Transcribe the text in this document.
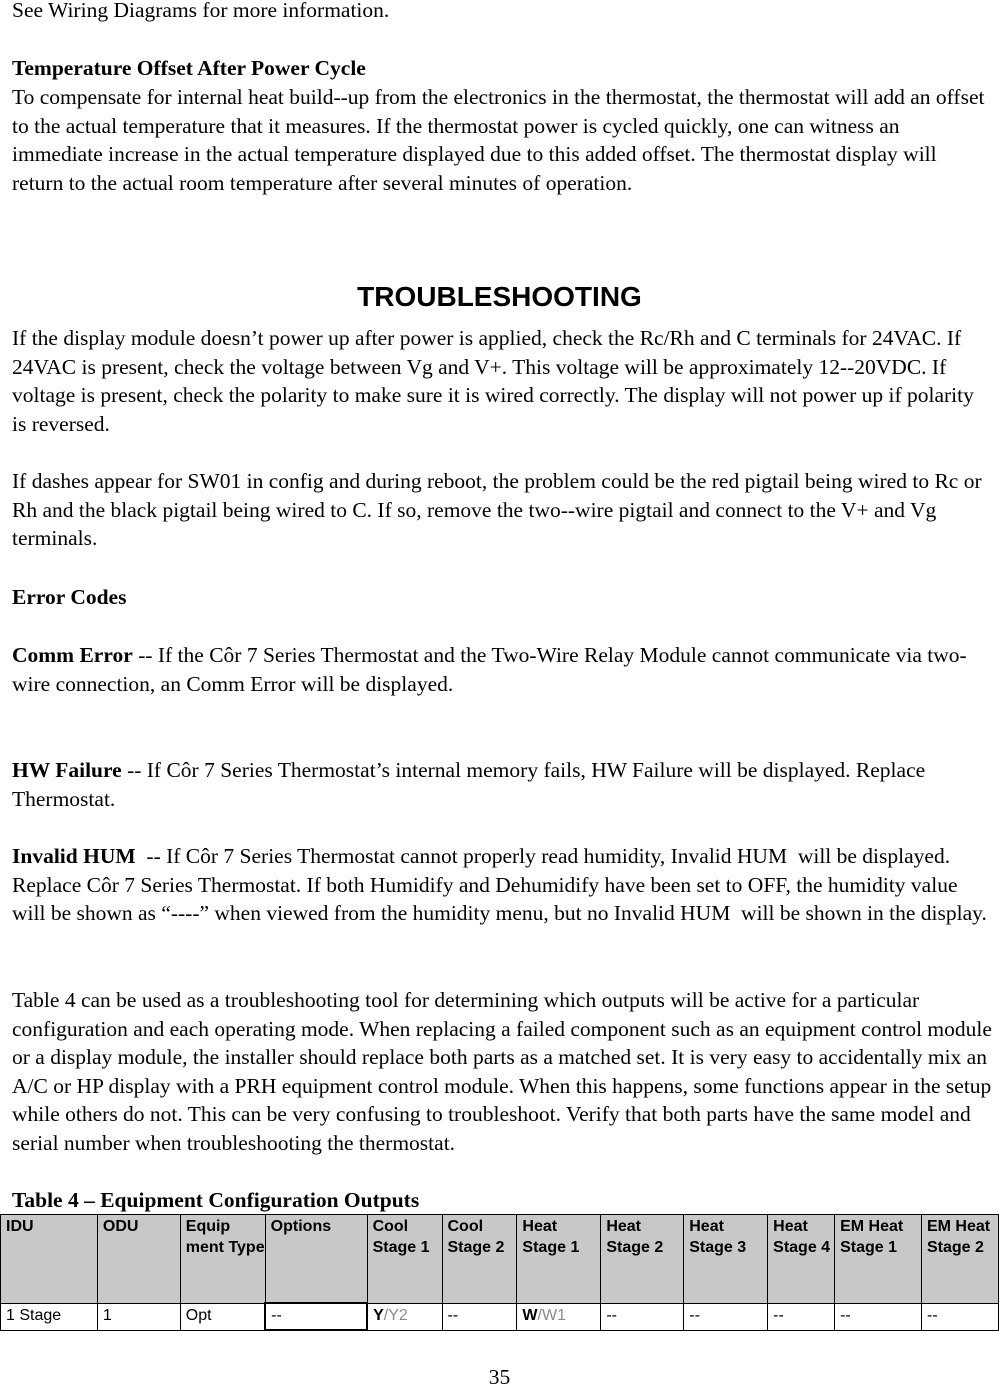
See Wiring Diagrams for more information.

Temperature Offset After Power Cycle

To compensate for internal heat build--up from the electronics in the thermostat, the thermostat will add an offset to the actual temperature that it measures. If the thermostat power is cycled quickly, one can witness an immediate increase in the actual temperature displayed due to this added offset. The thermostat display will return to the actual room temperature after several minutes of operation.

TROUBLESHOOTING

If the display module doesn’t power up after power is applied, check the Rc/Rh and C terminals for 24VAC. If 24VAC is present, check the voltage between Vg and V+. This voltage will be approximately 12--20VDC. If voltage is present, check the polarity to make sure it is wired correctly. The display will not power up if polarity is reversed.

If dashes appear for SW01 in config and during reboot, the problem could be the red pigtail being wired to Rc or Rh and the black pigtail being wired to C. If so, remove the two--wire pigtail and connect to the V+ and Vg terminals.

Error Codes

Comm Error -- If the Côr 7 Series Thermostat and the Two-Wire Relay Module cannot communicate via two-wire connection, an Comm Error will be displayed.

HW Failure -- If Côr 7 Series Thermostat’s internal memory fails, HW Failure will be displayed. Replace Thermostat.

Invalid HUM  -- If Côr 7 Series Thermostat cannot properly read humidity, Invalid HUM  will be displayed. Replace Côr 7 Series Thermostat. If both Humidify and Dehumidify have been set to OFF, the humidity value will be shown as “----” when viewed from the humidity menu, but no Invalid HUM  will be shown in the display.

Table 4 can be used as a troubleshooting tool for determining which outputs will be active for a particular configuration and each operating mode. When replacing a failed component such as an equipment control module or a display module, the installer should replace both parts as a matched set. It is very easy to accidentally mix an A/C or HP display with a PRH equipment control module. When this happens, some functions appear in the setup while others do not. This can be very confusing to troubleshoot. Verify that both parts have the same model and serial number when troubleshooting the thermostat.

Table 4 – Equipment Configuration Outputs

IDU	ODU	Equip ment Type	Options	Cool Stage 1	Cool Stage 2	Heat Stage 1	Heat Stage 2	Heat Stage 3	Heat Stage 4	EM Heat Stage 1	EM Heat Stage 2
1 Stage	1	Opt	--	Y/Y2	--	W/W1	--	--	--	--	--
35
